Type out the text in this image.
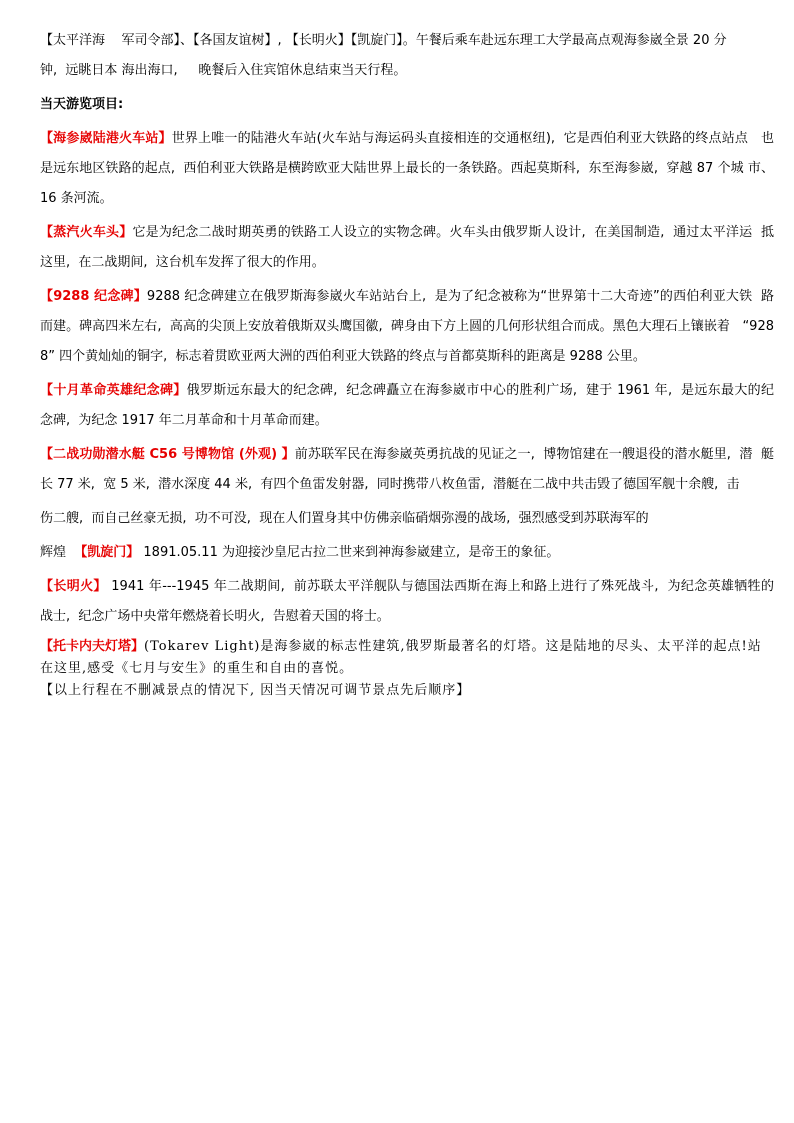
【太平洋海    军司令部】、【各国友谊树】, 【长明火】【凯旋门】。午餐后乘车赴远东理工大学最高点观海参崴全景 20 分
钟,  远眺日本 海出海口,     晚餐后入住宾馆休息结束当天行程。

当天游览项目:

【海参崴陆港火车站】世界上唯一的陆港火车站(火车站与海运码头直接相连的交通枢纽),  它是西伯利亚大铁路的终点站点   也是远东地区铁路的起点,  西伯利亚大铁路是横跨欧亚大陆世界上最长的一条铁路。西起莫斯科,  东至海参崴,  穿越 87 个城 市、 16 条河流。

【蒸汽火车头】它是为纪念二战时期英勇的铁路工人设立的实物念碑。火车头由俄罗斯人设计,  在美国制造,  通过太平洋运  抵这里,  在二战期间,  这台机车发挥了很大的作用。

【9288 纪念碑】9288 纪念碑建立在俄罗斯海参崴火车站站台上,  是为了纪念被称为“世界第十二大奇迹”的西伯利亚大铁  路而建。碑高四米左右,  高高的尖顶上安放着俄斯双头鹰国徽,  碑身由下方上圆的几何形状组合而成。黑色大理石上镶嵌着   “9288” 四个黄灿灿的铜字,  标志着贯欧亚两大洲的西伯利亚大铁路的终点与首都莫斯科的距离是 9288 公里。

【十月革命英雄纪念碑】俄罗斯远东最大的纪念碑,  纪念碑矗立在海参崴市中心的胜利广场,  建于 1961 年,  是远东最大的纪  念碑,  为纪念 1917 年二月革命和十月革命而建。

【二战功勋潜水艇 C56 号博物馆 (外观) 】前苏联军民在海参崴英勇抗战的见证之一,  博物馆建在一艘退役的潜水艇里,  潜  艇长 77 米,  宽 5 米,  潜水深度 44 米,  有四个鱼雷发射器,  同时携带八枚鱼雷,  潜艇在二战中共击毁了德国军舰十余艘,  击

伤二艘,  而自己丝豪无损,  功不可没,  现在人们置身其中仿佛亲临硝烟弥漫的战场,  强烈感受到苏联海军的

辉煌  【凯旋门】 1891.05.11 为迎接沙皇尼古拉二世来到神海参崴建立,  是帝王的象征。

【长明火】 1941 年---1945 年二战期间,  前苏联太平洋舰队与德国法西斯在海上和路上进行了殊死战斗,  为纪念英雄牺牲的  战士,  纪念广场中央常年燃烧着长明火,  告慰着天国的将士。

【托卡内夫灯塔】(Tokarev Light)是海参崴的标志性建筑,俄罗斯最著名的灯塔。这是陆地的尽头、太平洋的起点!站 在这里,感受《七月与安生》的重生和自由的喜悦。

【以上行程在不删减景点的情况下, 因当天情况可调节景点先后顺序】
